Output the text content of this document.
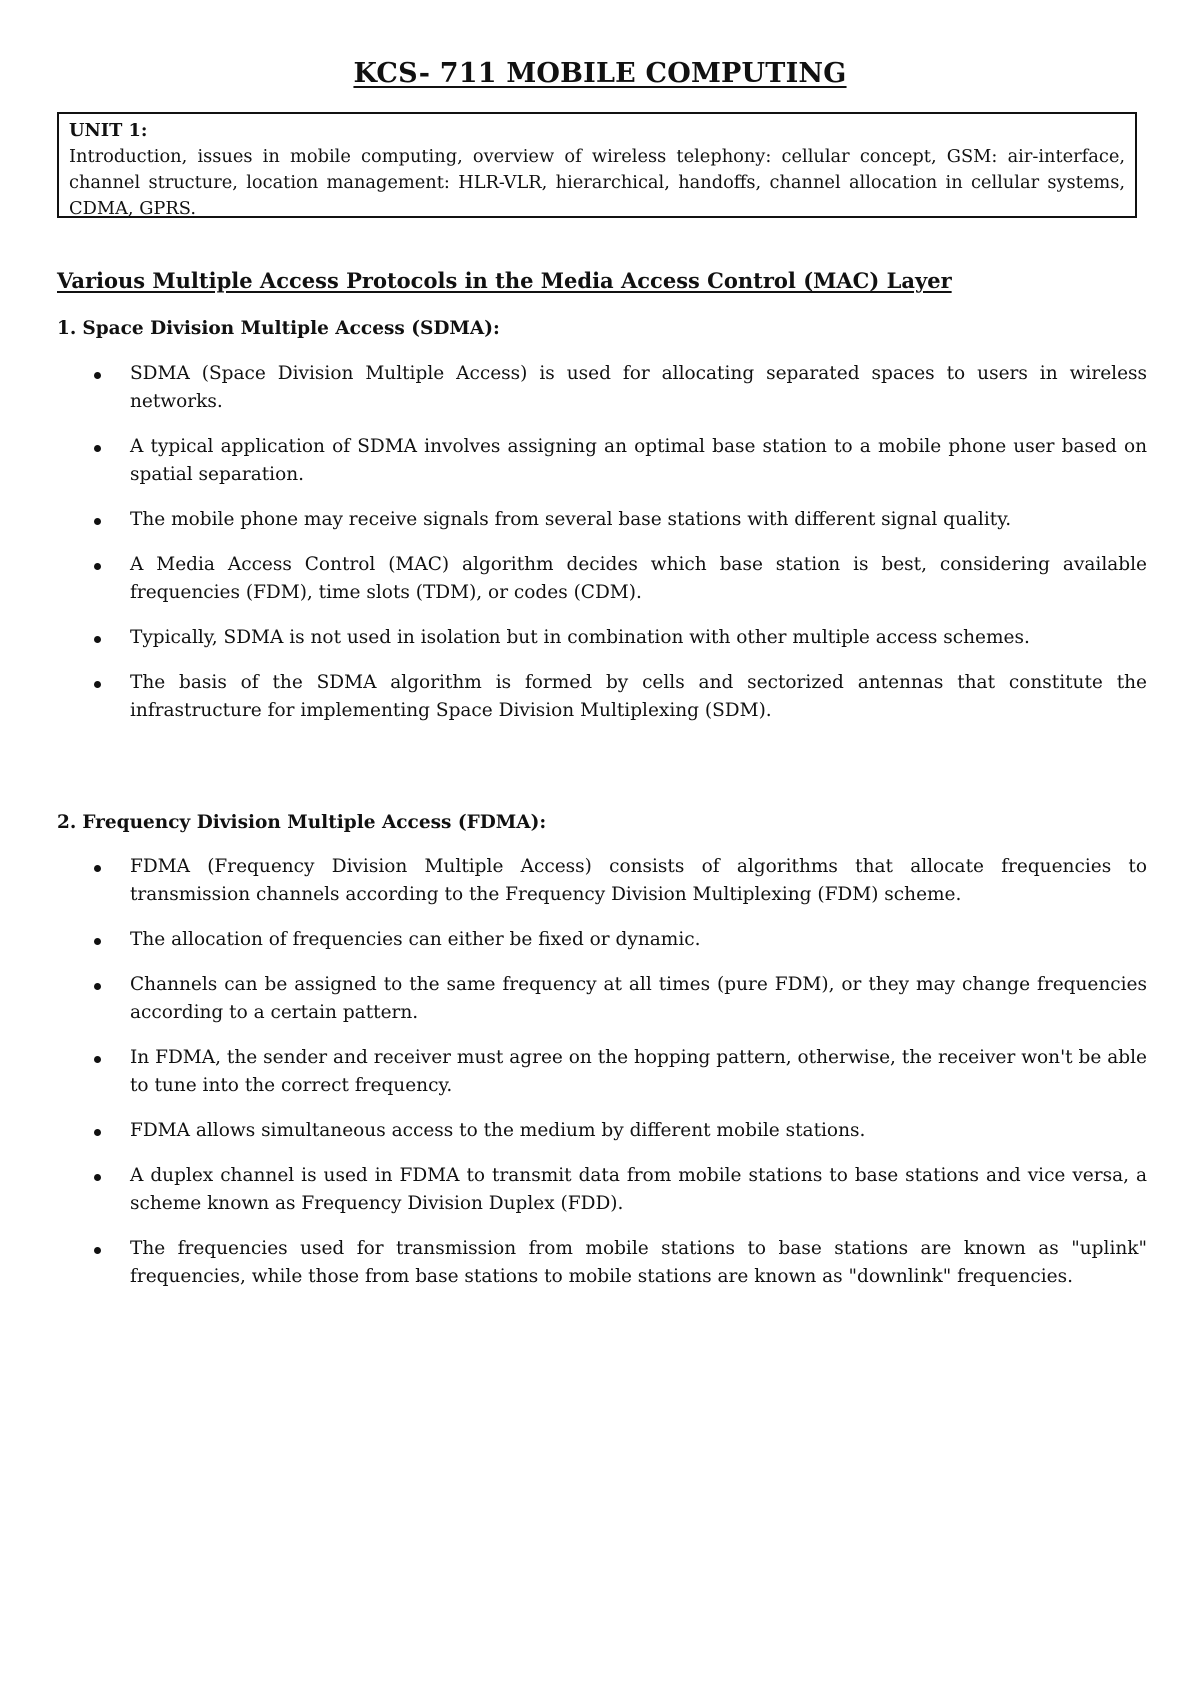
KCS- 711 MOBILE COMPUTING
UNIT 1:
Introduction, issues in mobile computing, overview of wireless telephony: cellular concept, GSM: air-interface, channel structure, location management: HLR-VLR, hierarchical, handoffs, channel allocation in cellular systems, CDMA, GPRS.
Various Multiple Access Protocols in the Media Access Control (MAC) Layer
1. Space Division Multiple Access (SDMA):
SDMA (Space Division Multiple Access) is used for allocating separated spaces to users in wireless networks.
A typical application of SDMA involves assigning an optimal base station to a mobile phone user based on spatial separation.
The mobile phone may receive signals from several base stations with different signal quality.
A Media Access Control (MAC) algorithm decides which base station is best, considering available frequencies (FDM), time slots (TDM), or codes (CDM).
Typically, SDMA is not used in isolation but in combination with other multiple access schemes.
The basis of the SDMA algorithm is formed by cells and sectorized antennas that constitute the infrastructure for implementing Space Division Multiplexing (SDM).
2. Frequency Division Multiple Access (FDMA):
FDMA (Frequency Division Multiple Access) consists of algorithms that allocate frequencies to transmission channels according to the Frequency Division Multiplexing (FDM) scheme.
The allocation of frequencies can either be fixed or dynamic.
Channels can be assigned to the same frequency at all times (pure FDM), or they may change frequencies according to a certain pattern.
In FDMA, the sender and receiver must agree on the hopping pattern, otherwise, the receiver won't be able to tune into the correct frequency.
FDMA allows simultaneous access to the medium by different mobile stations.
A duplex channel is used in FDMA to transmit data from mobile stations to base stations and vice versa, a scheme known as Frequency Division Duplex (FDD).
The frequencies used for transmission from mobile stations to base stations are known as "uplink" frequencies, while those from base stations to mobile stations are known as "downlink" frequencies.
